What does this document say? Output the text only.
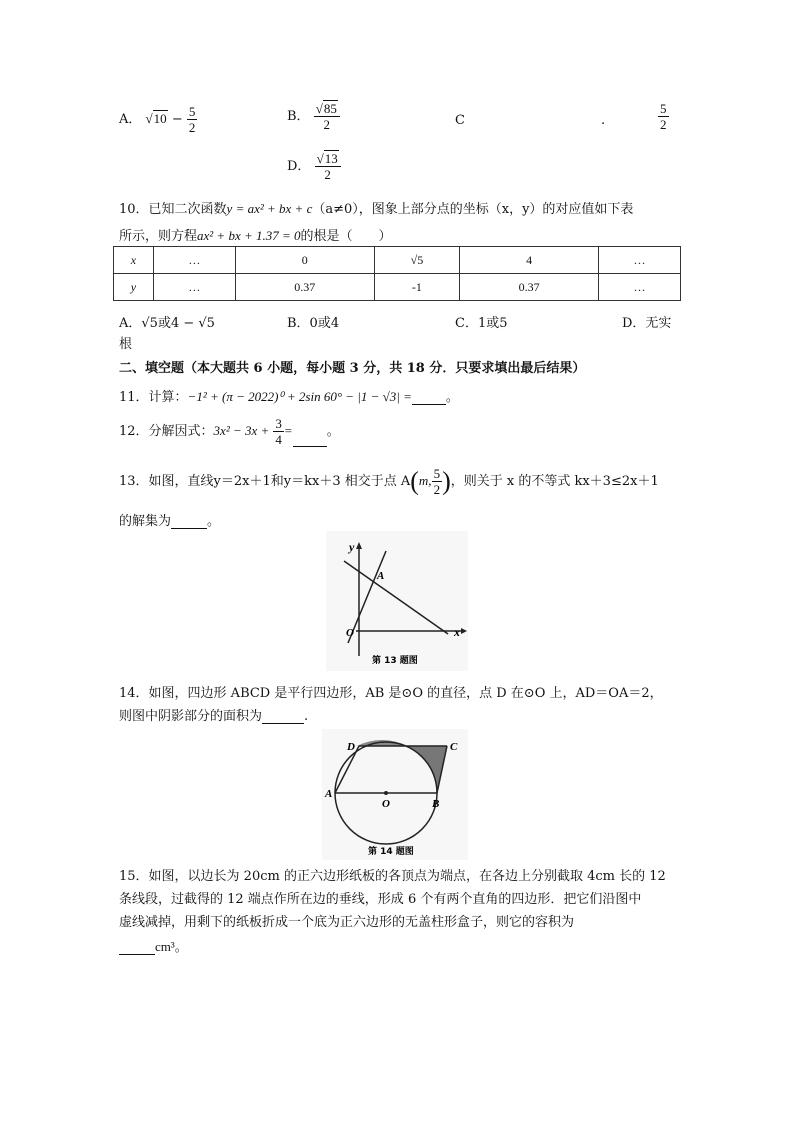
A． $√10 - \frac{5}{2}$	B． $\frac{√85}{2}$	C	.	$\frac{5}{2}$
D． $\frac{√13}{2}$
10．已知二次函数y = ax² + bx + c（a≠0），图象上部分点的坐标（x，y）的对应值如下表
所示，则方程ax² + bx + 1.37 = 0的根是（　　）
x	…	0	√5	4	…
y	…	0.37	-1	0.37	…
A．√5或4 − √5	B．0或4	C．1或5	D．无实
根
二、填空题（本大题共 6 小题，每小题 3 分，共 18 分．只要求填出最后结果）
11．计算：−1² + (π − 2022)⁰ + 2sin 60° − |1 − √3| =	。
12．分解因式：$3x^2 - 3x + \frac{3}{4}$ =	。
13．如图，直线y＝2x＋1和y＝kx＋3 相交于点 A(m, $\frac{5}{2}$ )，则关于 x 的不等式 kx＋3≤2x＋1
的解集为	。
y
x
O
A
第 13 题图
14．如图，四边形 ABCD 是平行四边形，AB 是⊙O 的直径，点 D 在⊙O 上，AD＝OA＝2，
则图中阴影部分的面积为	.
A
B
C
D
O
第 14 题图
15．如图，以边长为 20cm 的正六边形纸板的各顶点为端点，在各边上分别截取 4cm 长的 12
条线段，过截得的 12 端点作所在边的垂线，形成 6 个有两个直角的四边形．把它们沿图中
虚线减掉，用剩下的纸板折成一个底为正六边形的无盖柱形盒子，则它的容积为
cm³。
